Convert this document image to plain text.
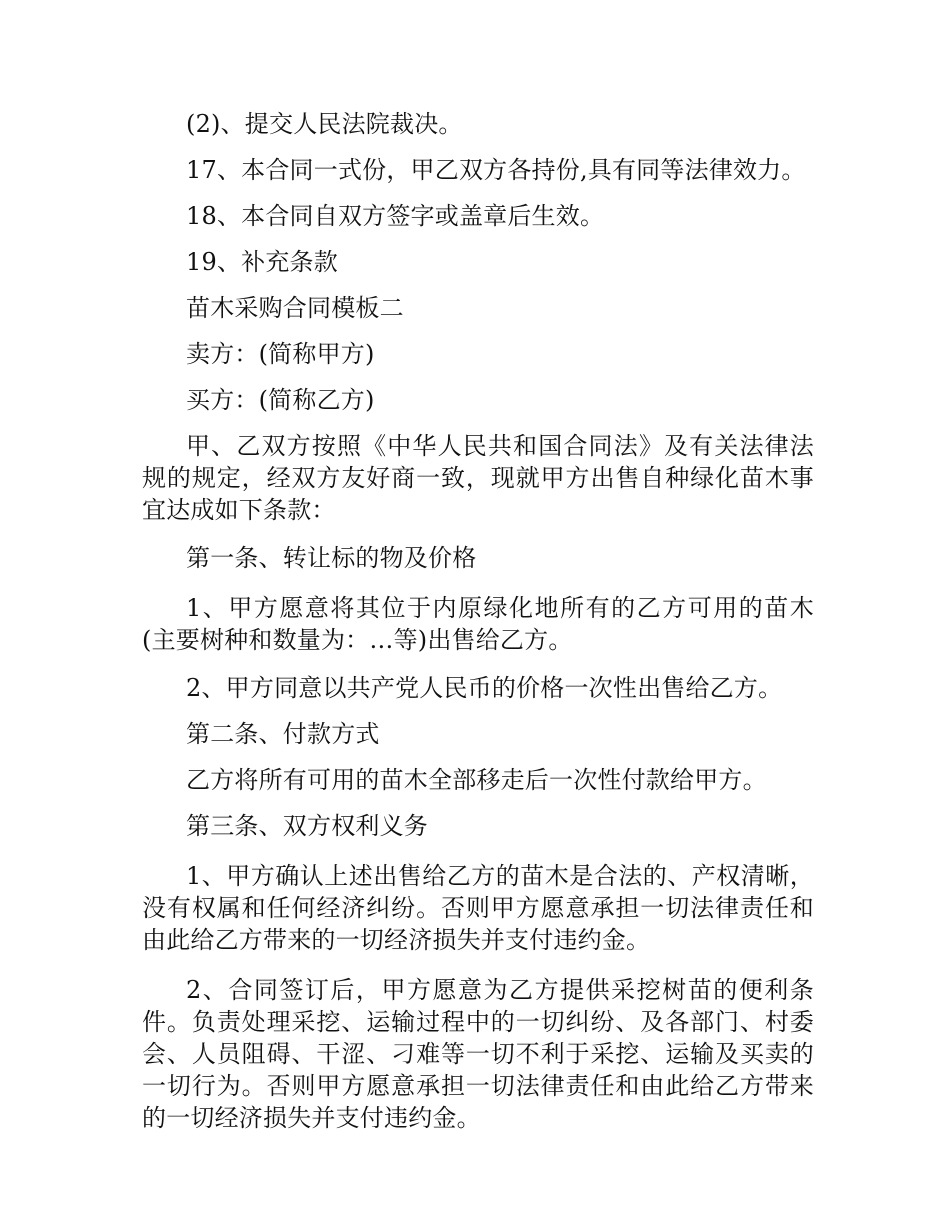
(2)、提交人民法院裁决。

17、本合同一式份，甲乙双方各持份,具有同等法律效力。

18、本合同自双方签字或盖章后生效。

19、补充条款

苗木采购合同模板二

卖方：(简称甲方)

买方：(简称乙方)

甲、乙双方按照《中华人民共和国合同法》及有关法律法规的规定，经双方友好商一致，现就甲方出售自种绿化苗木事宜达成如下条款：

第一条、转让标的物及价格

1、甲方愿意将其位于内原绿化地所有的乙方可用的苗木(主要树种和数量为：…等)出售给乙方。

2、甲方同意以共产党人民币的价格一次性出售给乙方。

第二条、付款方式

乙方将所有可用的苗木全部移走后一次性付款给甲方。

第三条、双方权利义务

1、甲方确认上述出售给乙方的苗木是合法的、产权清晰，没有权属和任何经济纠纷。否则甲方愿意承担一切法律责任和由此给乙方带来的一切经济损失并支付违约金。

2、合同签订后，甲方愿意为乙方提供采挖树苗的便利条件。负责处理采挖、运输过程中的一切纠纷、及各部门、村委会、人员阻碍、干涩、刁难等一切不利于采挖、运输及买卖的一切行为。否则甲方愿意承担一切法律责任和由此给乙方带来的一切经济损失并支付违约金。
